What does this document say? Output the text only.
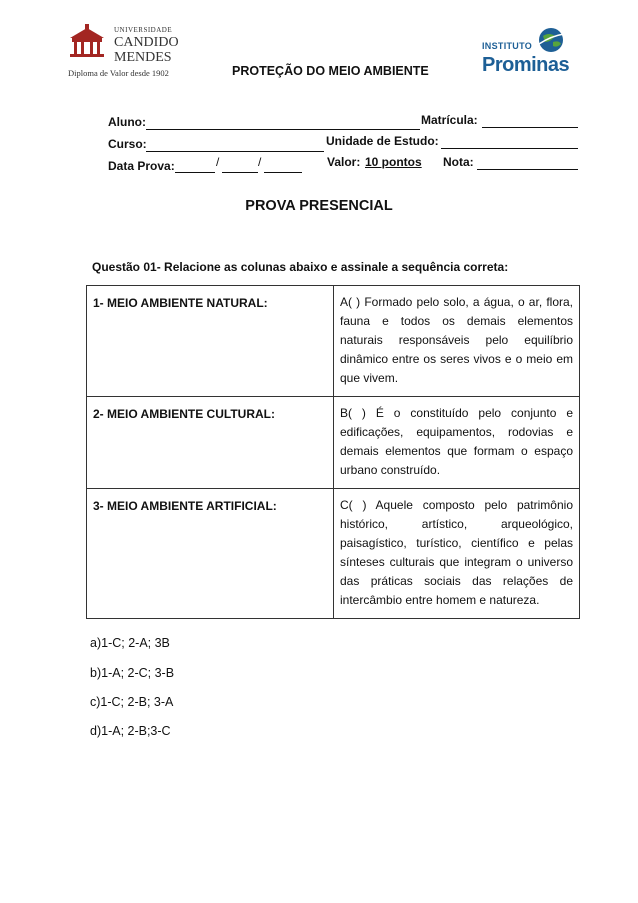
UNIVERSIDADE
CANDIDO
MENDES
Diploma de Valor desde 1902	PROTEÇÃO DO MEIO AMBIENTE
INSTITUTO
Prominas
Aluno:	Matrícula:
Curso:	Unidade de Estudo:
Data Prova:	/	/	Valor: 10 pontos Nota:
PROVA PRESENCIAL
Questão 01- Relacione as colunas abaixo e assinale a sequência correta:
1- MEIO AMBIENTE NATURAL:	A( ) Formado pelo solo, a água, o ar, flora, fauna e todos os demais elementos naturais responsáveis pelo equilíbrio dinâmico entre os seres vivos e o meio em que vivem.
2- MEIO AMBIENTE CULTURAL:	B( ) É o constituído pelo conjunto e edificações, equipamentos, rodovias e demais elementos que formam o espaço urbano construído.
3- MEIO AMBIENTE ARTIFICIAL:	C( ) Aquele composto pelo patrimônio histórico, artístico, arqueológico, paisagístico, turístico, científico e pelas sínteses culturais que integram o universo das práticas sociais das relações de intercâmbio entre homem e natureza.
a)1-C; 2-A; 3B
b)1-A; 2-C; 3-B
c)1-C; 2-B; 3-A
d)1-A; 2-B;3-C
